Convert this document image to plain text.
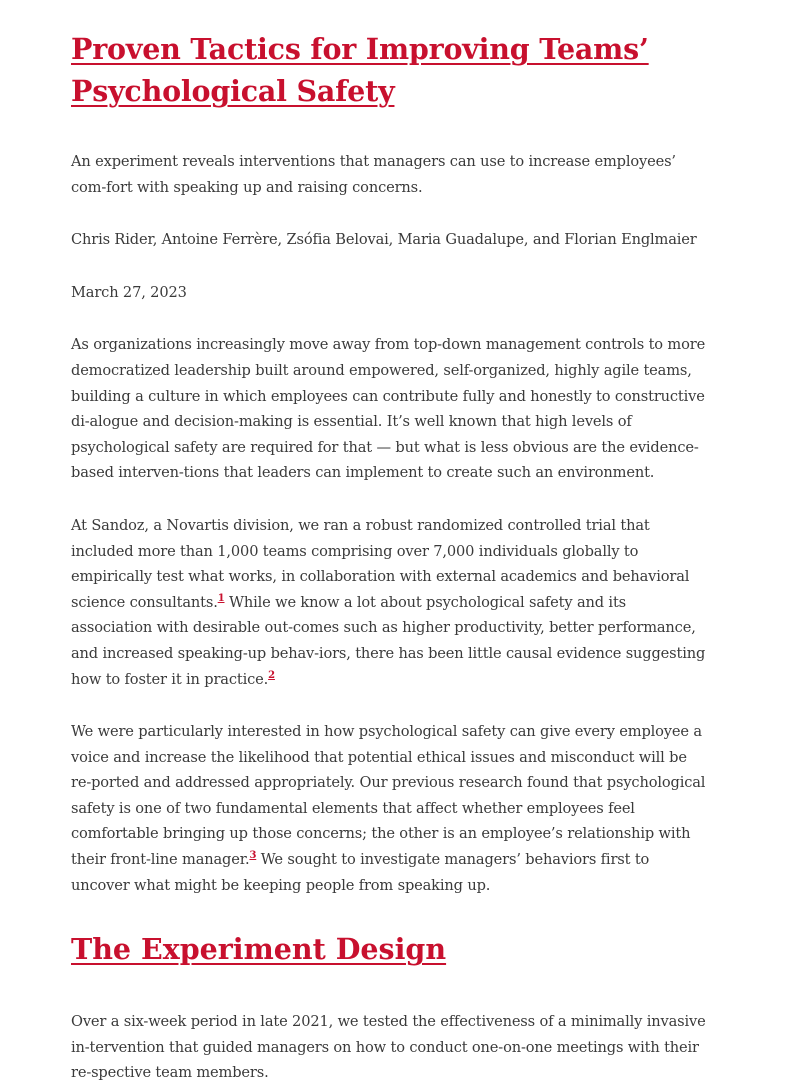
Proven Tactics for Improving Teams’
Psychological Safety

An experiment reveals interventions that managers can use to increase employees’ com-fort with speaking up and raising concerns.

Chris Rider, Antoine Ferrère, Zsófia Belovai, Maria Guadalupe, and Florian Englmaier

March 27, 2023

As organizations increasingly move away from top-down management controls to more democratized leadership built around empowered, self-organized, highly agile teams, building a culture in which employees can contribute fully and honestly to constructive di-alogue and decision-making is essential. It’s well known that high levels of psychological safety are required for that — but what is less obvious are the evidence-based interven-tions that leaders can implement to create such an environment.

At Sandoz, a Novartis division, we ran a robust randomized controlled trial that included more than 1,000 teams comprising over 7,000 individuals globally to empirically test what works, in collaboration with external academics and behavioral science consultants.$^1$ While we know a lot about psychological safety and its association with desirable out-comes such as higher productivity, better performance, and increased speaking-up behav-iors, there has been little causal evidence suggesting how to foster it in practice.$^2$

We were particularly interested in how psychological safety can give every employee a voice and increase the likelihood that potential ethical issues and misconduct will be re-ported and addressed appropriately. Our previous research found that psychological safety is one of two fundamental elements that affect whether employees feel comfortable bringing up those concerns; the other is an employee’s relationship with their front-line manager.$^3$ We sought to investigate managers’ behaviors first to uncover what might be keeping people from speaking up.

The Experiment Design

Over a six-week period in late 2021, we tested the effectiveness of a minimally invasive in-tervention that guided managers on how to conduct one-on-one meetings with their re-spective team members.
